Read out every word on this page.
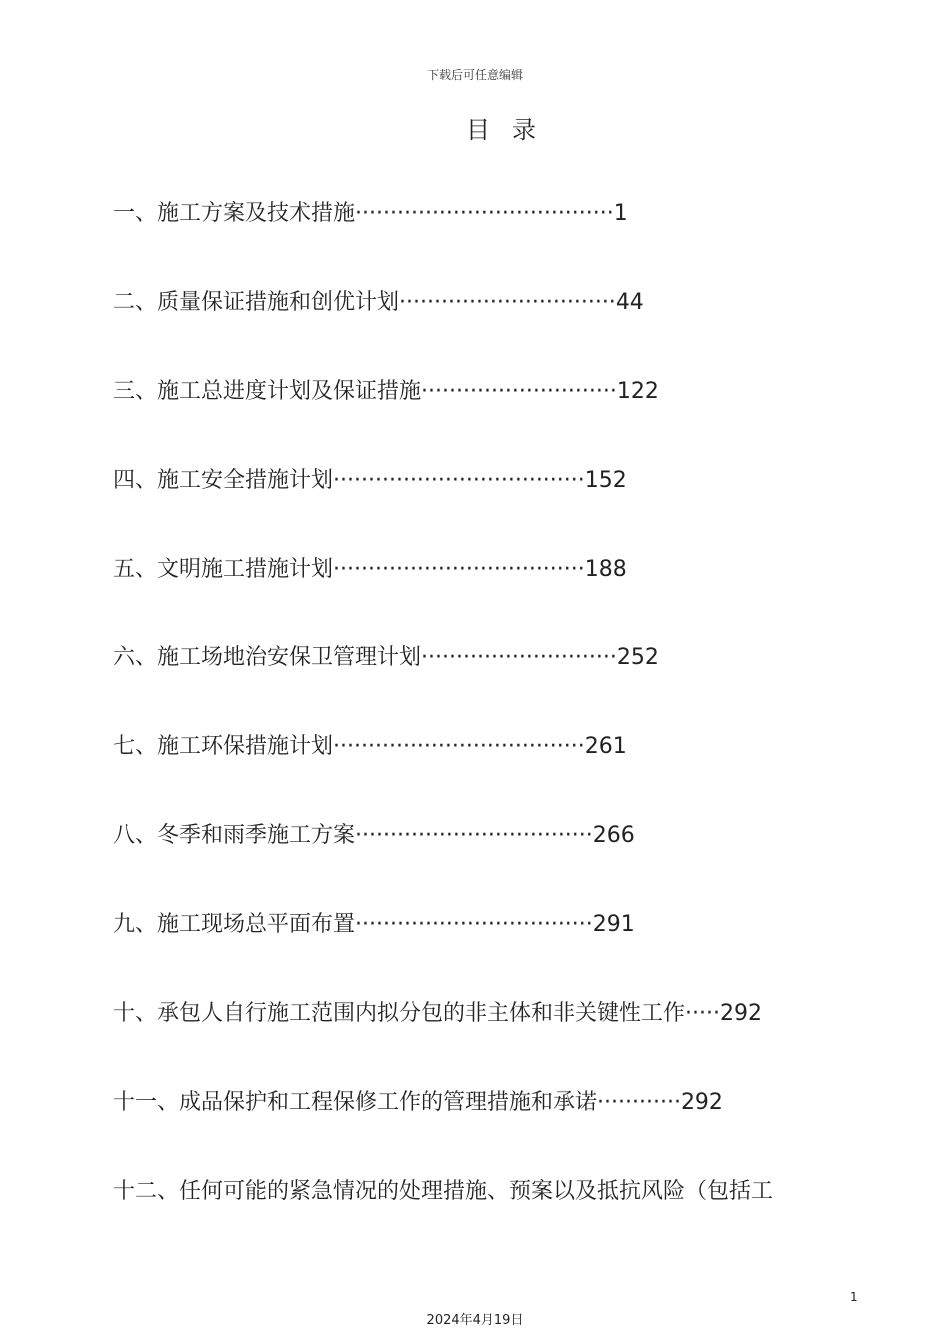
下载后可任意编辑
目录
一、施工方案及技术措施 ····································· 1
二、质量保证措施和创优计划 ······························· 44
三、施工总进度计划及保证措施 ···························· 122
四、施工安全措施计划 ···································· 152
五、文明施工措施计划 ···································· 188
六、施工场地治安保卫管理计划 ···························· 252
七、施工环保措施计划 ···································· 261
八、冬季和雨季施工方案 ·································· 266
九、施工现场总平面布置 ·································· 291
十、承包人自行施工范围内拟分包的非主体和非关键性工作 ····· 292
十一、成品保护和工程保修工作的管理措施和承诺 ············ 292
十二、任何可能的紧急情况的处理措施、预案以及抵抗风险（包括工
1
2024年4月19日
